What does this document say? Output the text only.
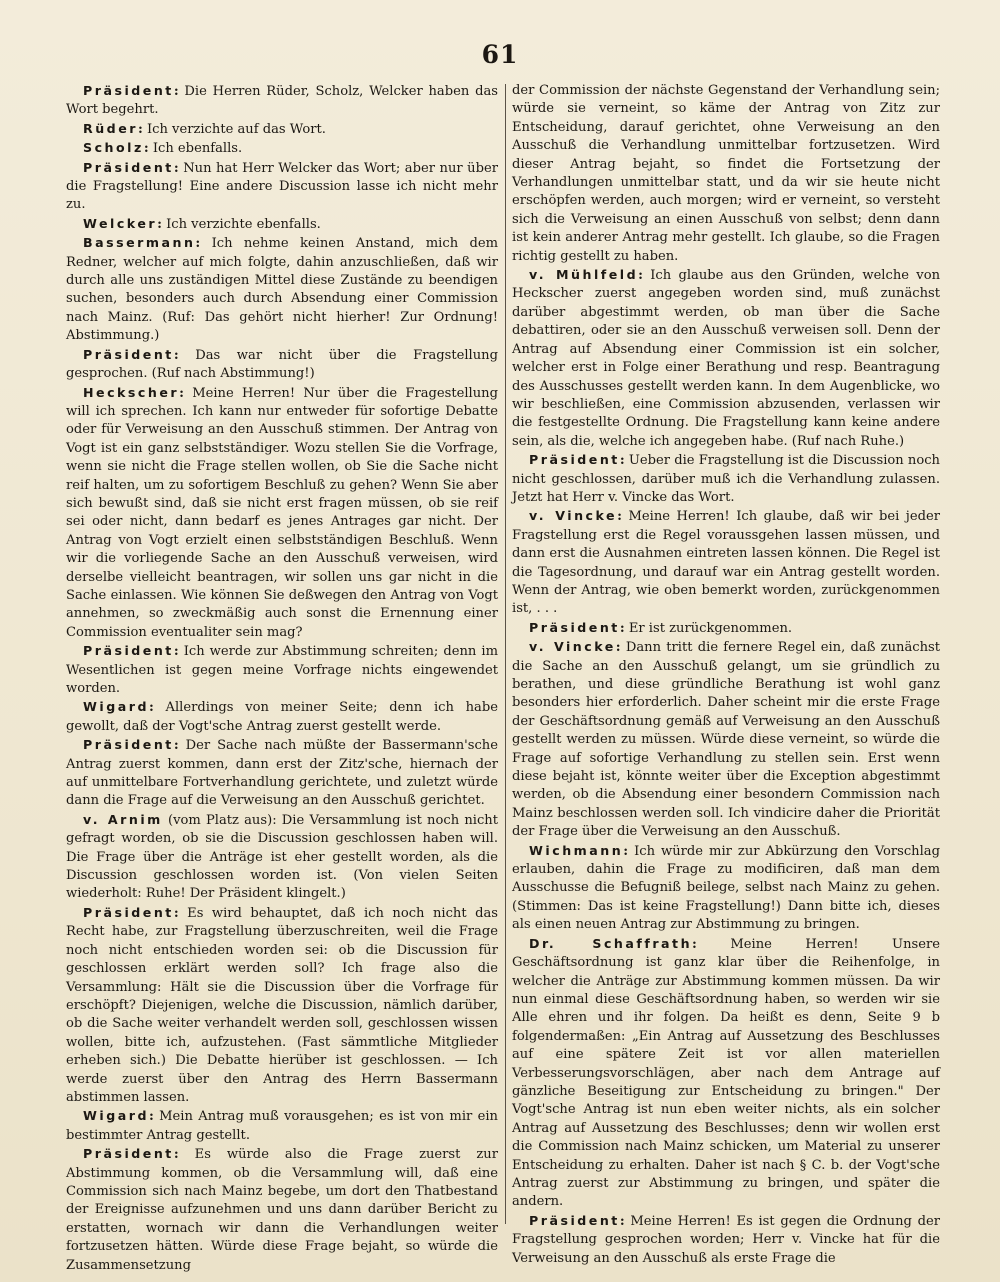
61

Präsident: Die Herren Rüder, Scholz, Welcker haben das Wort begehrt.

Rüder: Ich verzichte auf das Wort.

Scholz: Ich ebenfalls.

Präsident: Nun hat Herr Welcker das Wort; aber nur über die Fragstellung! Eine andere Discussion lasse ich nicht mehr zu.

Welcker: Ich verzichte ebenfalls.

Bassermann: Ich nehme keinen Anstand, mich dem Redner, welcher auf mich folgte, dahin anzuschließen, daß wir durch alle uns zuständigen Mittel diese Zustände zu beendigen suchen, besonders auch durch Absendung einer Commission nach Mainz. (Ruf: Das gehört nicht hierher! Zur Ordnung! Abstimmung.)

Präsident: Das war nicht über die Fragstellung gesprochen. (Ruf nach Abstimmung!)

Heckscher: Meine Herren! Nur über die Fragestellung will ich sprechen. Ich kann nur entweder für sofortige Debatte oder für Verweisung an den Ausschuß stimmen. Der Antrag von Vogt ist ein ganz selbstständiger. Wozu stellen Sie die Vorfrage, wenn sie nicht die Frage stellen wollen, ob Sie die Sache nicht reif halten, um zu sofortigem Beschluß zu gehen? Wenn Sie aber sich bewußt sind, daß sie nicht erst fragen müssen, ob sie reif sei oder nicht, dann bedarf es jenes Antrages gar nicht. Der Antrag von Vogt erzielt einen selbstständigen Beschluß. Wenn wir die vorliegende Sache an den Ausschuß verweisen, wird derselbe vielleicht beantragen, wir sollen uns gar nicht in die Sache einlassen. Wie können Sie deßwegen den Antrag von Vogt annehmen, so zweckmäßig auch sonst die Ernennung einer Commission eventualiter sein mag?

Präsident: Ich werde zur Abstimmung schreiten; denn im Wesentlichen ist gegen meine Vorfrage nichts eingewendet worden.

Wigard: Allerdings von meiner Seite; denn ich habe gewollt, daß der Vogt'sche Antrag zuerst gestellt werde.

Präsident: Der Sache nach müßte der Bassermann'sche Antrag zuerst kommen, dann erst der Zitz'sche, hiernach der auf unmittelbare Fortverhandlung gerichtete, und zuletzt würde dann die Frage auf die Verweisung an den Ausschuß gerichtet.

v. Arnim (vom Platz aus): Die Versammlung ist noch nicht gefragt worden, ob sie die Discussion geschlossen haben will. Die Frage über die Anträge ist eher gestellt worden, als die Discussion geschlossen worden ist. (Von vielen Seiten wiederholt: Ruhe! Der Präsident klingelt.)

Präsident: Es wird behauptet, daß ich noch nicht das Recht habe, zur Fragstellung überzuschreiten, weil die Frage noch nicht entschieden worden sei: ob die Discussion für geschlossen erklärt werden soll? Ich frage also die Versammlung: Hält sie die Discussion über die Vorfrage für erschöpft? Diejenigen, welche die Discussion, nämlich darüber, ob die Sache weiter verhandelt werden soll, geschlossen wissen wollen, bitte ich, aufzustehen. (Fast sämmtliche Mitglieder erheben sich.) Die Debatte hierüber ist geschlossen. — Ich werde zuerst über den Antrag des Herrn Bassermann abstimmen lassen.

Wigard: Mein Antrag muß vorausgehen; es ist von mir ein bestimmter Antrag gestellt.

Präsident: Es würde also die Frage zuerst zur Abstimmung kommen, ob die Versammlung will, daß eine Commission sich nach Mainz begebe, um dort den Thatbestand der Ereignisse aufzunehmen und uns dann darüber Bericht zu erstatten, wornach wir dann die Verhandlungen weiter fortzusetzen hätten. Würde diese Frage bejaht, so würde die Zusammensetzung

der Commission der nächste Gegenstand der Verhandlung sein; würde sie verneint, so käme der Antrag von Zitz zur Entscheidung, darauf gerichtet, ohne Verweisung an den Ausschuß die Verhandlung unmittelbar fortzusetzen. Wird dieser Antrag bejaht, so findet die Fortsetzung der Verhandlungen unmittelbar statt, und da wir sie heute nicht erschöpfen werden, auch morgen; wird er verneint, so versteht sich die Verweisung an einen Ausschuß von selbst; denn dann ist kein anderer Antrag mehr gestellt. Ich glaube, so die Fragen richtig gestellt zu haben.

v. Mühlfeld: Ich glaube aus den Gründen, welche von Heckscher zuerst angegeben worden sind, muß zunächst darüber abgestimmt werden, ob man über die Sache debattiren, oder sie an den Ausschuß verweisen soll. Denn der Antrag auf Absendung einer Commission ist ein solcher, welcher erst in Folge einer Berathung und resp. Beantragung des Ausschusses gestellt werden kann. In dem Augenblicke, wo wir beschließen, eine Commission abzusenden, verlassen wir die festgestellte Ordnung. Die Fragstellung kann keine andere sein, als die, welche ich angegeben habe. (Ruf nach Ruhe.)

Präsident: Ueber die Fragstellung ist die Discussion noch nicht geschlossen, darüber muß ich die Verhandlung zulassen. Jetzt hat Herr v. Vincke das Wort.

v. Vincke: Meine Herren! Ich glaube, daß wir bei jeder Fragstellung erst die Regel voraussgehen lassen müssen, und dann erst die Ausnahmen eintreten lassen können. Die Regel ist die Tagesordnung, und darauf war ein Antrag gestellt worden. Wenn der Antrag, wie oben bemerkt worden, zurückgenommen ist, . . .

Präsident: Er ist zurückgenommen.

v. Vincke: Dann tritt die fernere Regel ein, daß zunächst die Sache an den Ausschuß gelangt, um sie gründlich zu berathen, und diese gründliche Berathung ist wohl ganz besonders hier erforderlich. Daher scheint mir die erste Frage der Geschäftsordnung gemäß auf Verweisung an den Ausschuß gestellt werden zu müssen. Würde diese verneint, so würde die Frage auf sofortige Verhandlung zu stellen sein. Erst wenn diese bejaht ist, könnte weiter über die Exception abgestimmt werden, ob die Absendung einer besondern Commission nach Mainz beschlossen werden soll. Ich vindicire daher die Priorität der Frage über die Verweisung an den Ausschuß.

Wichmann: Ich würde mir zur Abkürzung den Vorschlag erlauben, dahin die Frage zu modificiren, daß man dem Ausschusse die Befugniß beilege, selbst nach Mainz zu gehen. (Stimmen: Das ist keine Fragstellung!) Dann bitte ich, dieses als einen neuen Antrag zur Abstimmung zu bringen.

Dr. Schaffrath: Meine Herren! Unsere Geschäftsordnung ist ganz klar über die Reihenfolge, in welcher die Anträge zur Abstimmung kommen müssen. Da wir nun einmal diese Geschäftsordnung haben, so werden wir sie Alle ehren und ihr folgen. Da heißt es denn, Seite 9 b folgendermaßen: „Ein Antrag auf Aussetzung des Beschlusses auf eine spätere Zeit ist vor allen materiellen Verbesserungsvorschlägen, aber nach dem Antrage auf gänzliche Beseitigung zur Entscheidung zu bringen." Der Vogt'sche Antrag ist nun eben weiter nichts, als ein solcher Antrag auf Aussetzung des Beschlusses; denn wir wollen erst die Commission nach Mainz schicken, um Material zu unserer Entscheidung zu erhalten. Daher ist nach § C. b. der Vogt'sche Antrag zuerst zur Abstimmung zu bringen, und später die andern.

Präsident: Meine Herren! Es ist gegen die Ordnung der Fragstellung gesprochen worden; Herr v. Vincke hat für die Verweisung an den Ausschuß als erste Frage die
